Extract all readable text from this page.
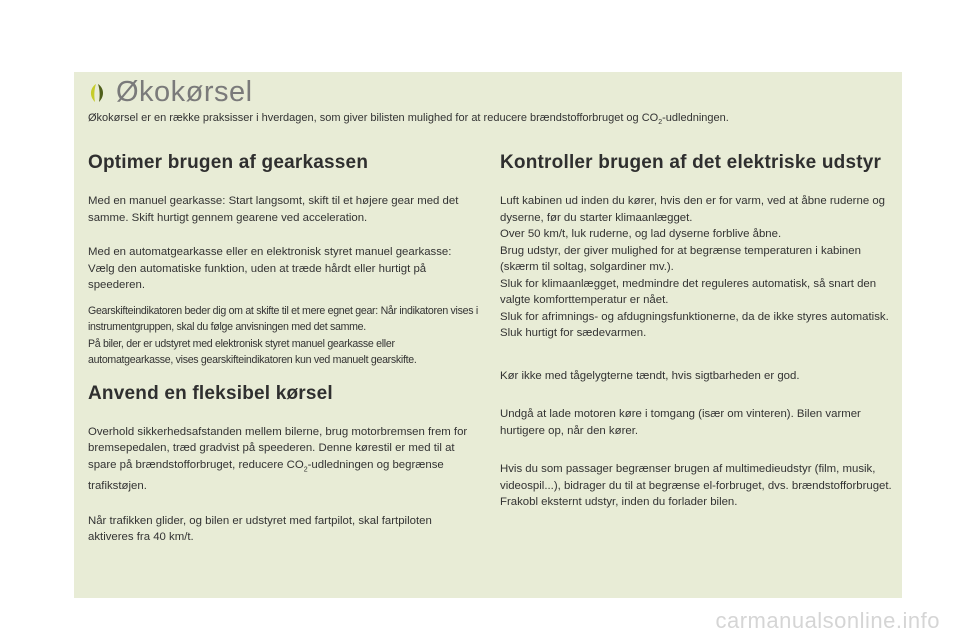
Økokørsel
Økokørsel er en række praksisser i hverdagen, som giver bilisten mulighed for at reducere brændstofforbruget og $CO_2$-udledningen.
Optimer brugen af gearkassen

Med en manuel gearkasse: Start langsomt, skift til et højere gear med det samme. Skift hurtigt gennem gearene ved acceleration.

Med en automatgearkasse eller en elektronisk styret manuel gearkasse: Vælg den automatiske funktion, uden at træde hårdt eller hurtigt på speederen.

Gearskifteindikatoren beder dig om at skifte til et mere egnet gear: Når indikatoren vises i instrumentgruppen, skal du følge anvisningen med det samme.

På biler, der er udstyret med elektronisk styret manuel gearkasse eller automatgearkasse, vises gearskifteindikatoren kun ved manuelt gearskifte.

Anvend en fleksibel kørsel

Overhold sikkerhedsafstanden mellem bilerne, brug motorbremsen frem for bremsepedalen, træd gradvist på speederen. Denne kørestil er med til at spare på brændstofforbruget, reducere $CO_2$-udledningen og begrænse trafikstøjen.

Når trafikken glider, og bilen er udstyret med fartpilot, skal fartpiloten aktiveres fra 40 km/t.

Kontroller brugen af det elektriske udstyr

Luft kabinen ud inden du kører, hvis den er for varm, ved at åbne ruderne og dyserne, før du starter klimaanlægget.

Over 50 km/t, luk ruderne, og lad dyserne forblive åbne.

Brug udstyr, der giver mulighed for at begrænse temperaturen i kabinen (skærm til soltag, solgardiner mv.).

Sluk for klimaanlægget, medmindre det reguleres automatisk, så snart den valgte komforttemperatur er nået.

Sluk for afrimnings- og afdugningsfunktionerne, da de ikke styres automatisk.

Sluk hurtigt for sædevarmen.

Kør ikke med tågelygterne tændt, hvis sigtbarheden er god.

Undgå at lade motoren køre i tomgang (især om vinteren). Bilen varmer hurtigere op, når den kører.

Hvis du som passager begrænser brugen af multimedieudstyr (film, musik, videospil...), bidrager du til at begrænse el-forbruget, dvs. brændstofforbruget.

Frakobl eksternt udstyr, inden du forlader bilen.

carmanualsonline.info
